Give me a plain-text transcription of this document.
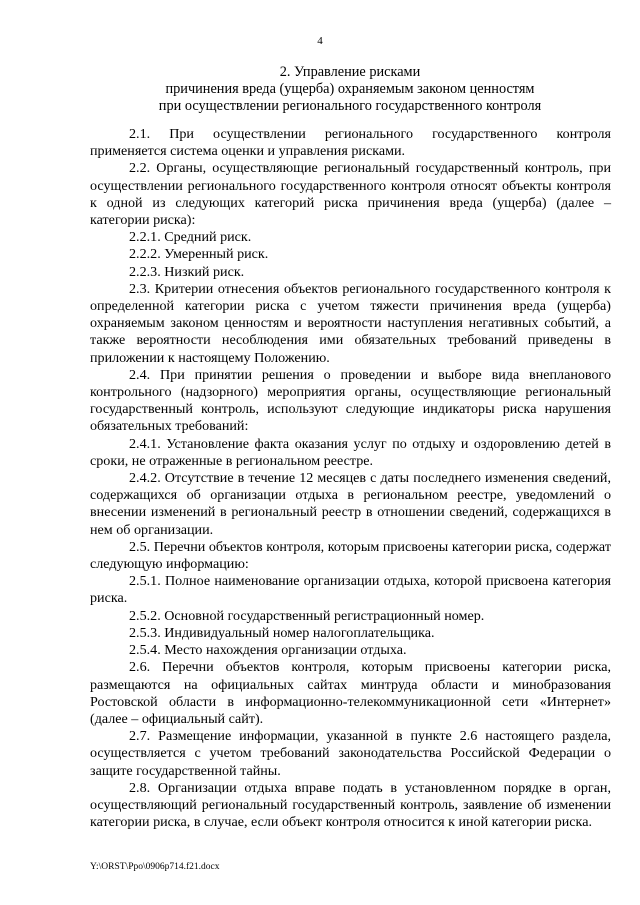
4
2. Управление рисками
причинения вреда (ущерба) охраняемым законом ценностям
при осуществлении регионального государственного контроля

2.1. При осуществлении регионального государственного контроля применяется система оценки и управления рисками.

2.2. Органы, осуществляющие региональный государственный контроль, при осуществлении регионального государственного контроля относят объекты контроля к одной из следующих категорий риска причинения вреда (ущерба) (далее – категории риска):

2.2.1. Средний риск.

2.2.2. Умеренный риск.

2.2.3. Низкий риск.

2.3. Критерии отнесения объектов регионального государственного контроля к определенной категории риска с учетом тяжести причинения вреда (ущерба) охраняемым законом ценностям и вероятности наступления негативных событий, а также вероятности несоблюдения ими обязательных требований приведены в приложении к настоящему Положению.

2.4. При принятии решения о проведении и выборе вида внепланового контрольного (надзорного) мероприятия органы, осуществляющие региональный государственный контроль, используют следующие индикаторы риска нарушения обязательных требований:

2.4.1. Установление факта оказания услуг по отдыху и оздоровлению детей в сроки, не отраженные в региональном реестре.

2.4.2. Отсутствие в течение 12 месяцев с даты последнего изменения сведений, содержащихся об организации отдыха в региональном реестре, уведомлений о внесении изменений в региональный реестр в отношении сведений, содержащихся в нем об организации.

2.5. Перечни объектов контроля, которым присвоены категории риска, содержат следующую информацию:

2.5.1. Полное наименование организации отдыха, которой присвоена категория риска.

2.5.2. Основной государственный регистрационный номер.

2.5.3. Индивидуальный номер налогоплательщика.

2.5.4. Место нахождения организации отдыха.

2.6. Перечни объектов контроля, которым присвоены категории риска, размещаются на официальных сайтах минтруда области и минобразования Ростовской области в информационно-телекоммуникационной сети «Интернет» (далее – официальный сайт).

2.7. Размещение информации, указанной в пункте 2.6 настоящего раздела, осуществляется с учетом требований законодательства Российской Федерации о защите государственной тайны.

2.8. Организации отдыха вправе подать в установленном порядке в орган, осуществляющий региональный государственный контроль, заявление об изменении категории риска, в случае, если объект контроля относится к иной категории риска.

Y:\ORST\Ppo\0906p714.f21.docx
